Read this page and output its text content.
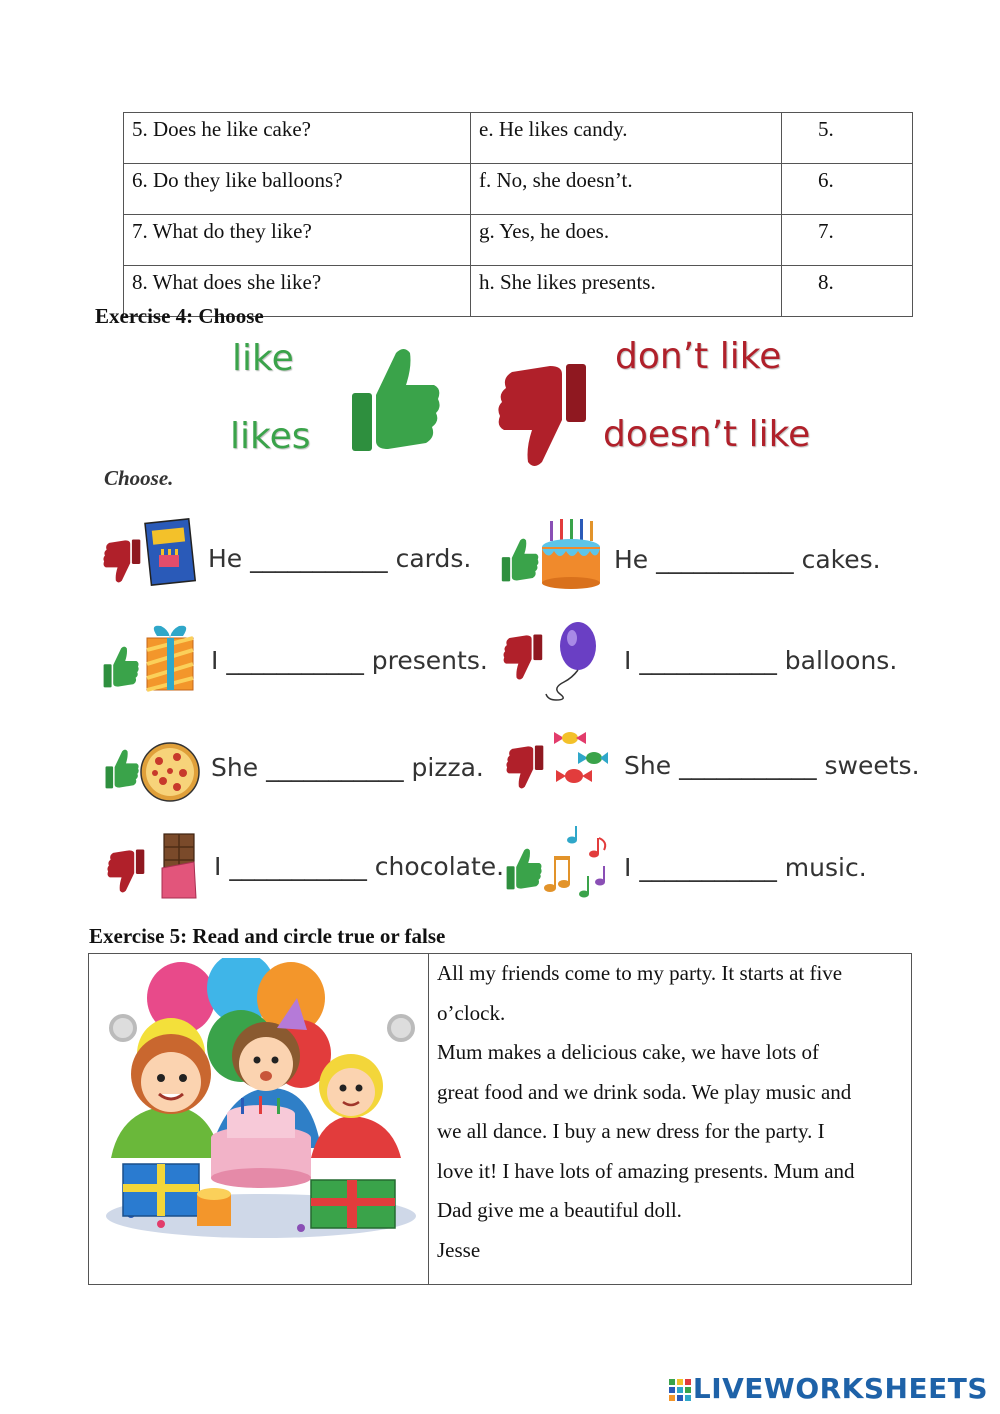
5. Does he like cake?	e. He likes candy.	5.
6. Do they like balloons?	f. No, she doesn’t.	6.
7. What do they like?	g. Yes, he does.	7.
8. What does she like?	h. She likes presents.	8.
Exercise 4: Choose
like
likes
don’t like
doesn’t like
Choose.
He ___________ cards.	He ___________ cakes.
I ___________ presents.	I ___________ balloons.
She ___________ pizza.	She ___________ sweets.
I ___________ chocolate.	I ___________ music.
Exercise 5: Read and circle true or false
All my friends come to my party. It starts at five
o’clock.
Mum makes a delicious cake, we have lots of
great food and we drink soda. We play music and
we all dance. I buy a new dress for the party. I
love it! I have lots of amazing presents. Mum and
Dad give me a beautiful doll.
Jesse
LIVEWORKSHEETS
